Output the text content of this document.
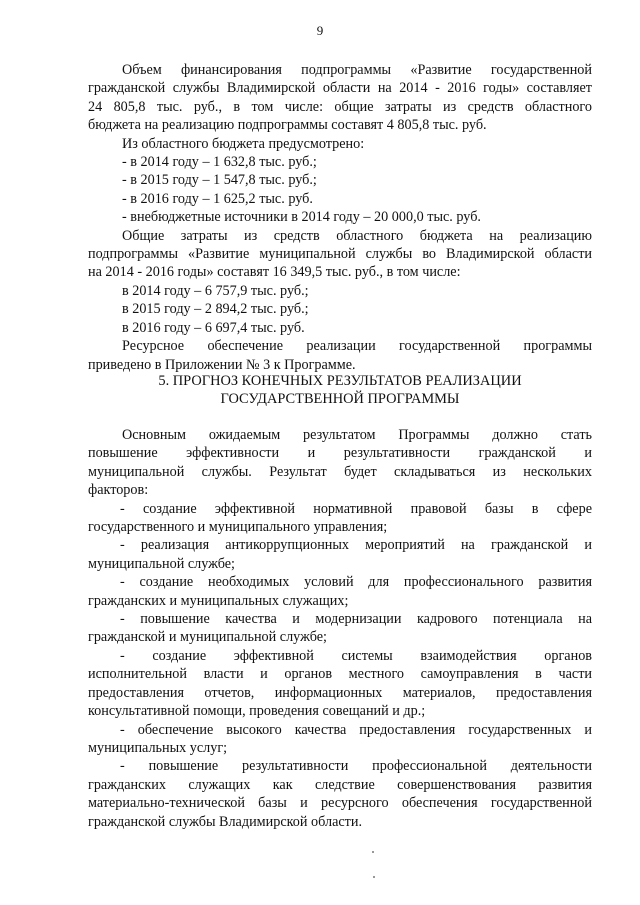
9
Объем финансирования подпрограммы «Развитие государственной
гражданской службы Владимирской области на 2014 - 2016 годы» составляет
24 805,8 тыс. руб., в том числе: общие затраты из средств областного
бюджета на реализацию подпрограммы составят 4 805,8 тыс. руб.
Из областного бюджета предусмотрено:
- в 2014 году – 1 632,8 тыс. руб.;
- в 2015 году – 1 547,8 тыс. руб.;
- в 2016 году – 1 625,2 тыс. руб.
- внебюджетные источники в 2014 году – 20 000,0 тыс. руб.
Общие затраты из средств областного бюджета на реализацию
подпрограммы «Развитие муниципальной службы во Владимирской области
на 2014 - 2016 годы» составят 16 349,5 тыс. руб., в том числе:
в 2014 году – 6 757,9 тыс. руб.;
в 2015 году – 2 894,2 тыс. руб.;
в 2016 году – 6 697,4 тыс. руб.
Ресурсное обеспечение реализации государственной программы
приведено в Приложении № 3 к Программе.
5. ПРОГНОЗ КОНЕЧНЫХ РЕЗУЛЬТАТОВ РЕАЛИЗАЦИИ
ГОСУДАРСТВЕННОЙ ПРОГРАММЫ
Основным ожидаемым результатом Программы должно стать
повышение эффективности и результативности гражданской и
муниципальной службы. Результат будет складываться из нескольких
факторов:
- создание эффективной нормативной правовой базы в сфере
государственного и муниципального управления;
- реализация антикоррупционных мероприятий на гражданской и
муниципальной службе;
- создание необходимых условий для профессионального развития
гражданских и муниципальных служащих;
- повышение качества и модернизации кадрового потенциала на
гражданской и муниципальной службе;
- создание эффективной системы взаимодействия органов
исполнительной власти и органов местного самоуправления в части
предоставления отчетов, информационных материалов, предоставления
консультативной помощи, проведения совещаний и др.;
- обеспечение высокого качества предоставления государственных и
муниципальных услуг;
- повышение результативности профессиональной деятельности
гражданских служащих как следствие совершенствования развития
материально-технической базы и ресурсного обеспечения государственной
гражданской службы Владимирской области.
